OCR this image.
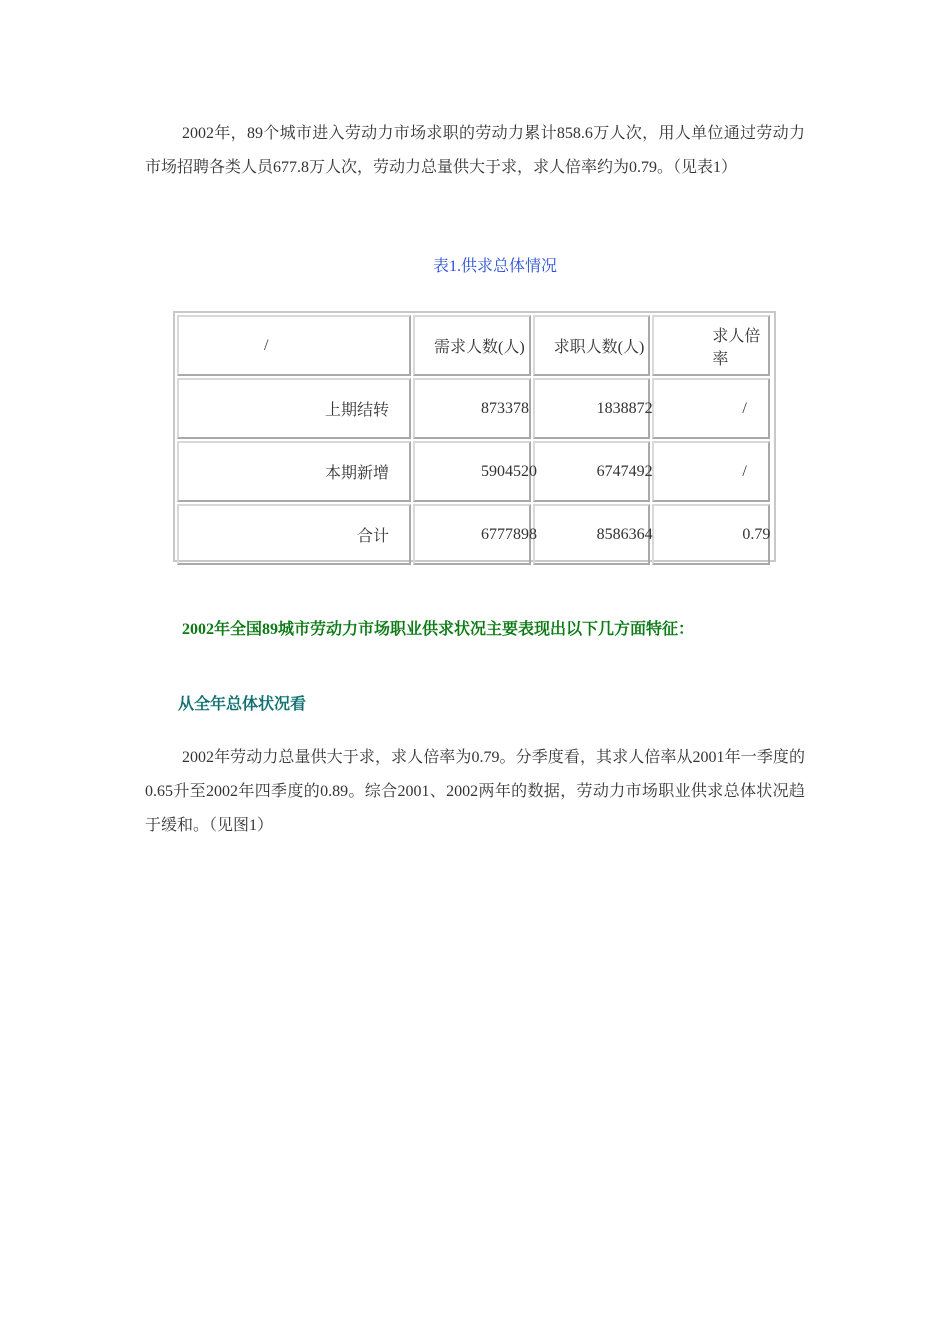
2002年，89个城市进入劳动力市场求职的劳动力累计858.6万人次，用人单位通过劳动力市场招聘各类人员677.8万人次，劳动力总量供大于求，求人倍率约为0.79。（见表1）

表1.供求总体情况
/	需求人数(人)	求职人数(人)	求人倍率
上期结转	873378	1838872	/
本期新增	5904520	6747492	/
合计	6777898	8586364	0.79

2002年全国89城市劳动力市场职业供求状况主要表现出以下几方面特征：

从全年总体状况看

2002年劳动力总量供大于求，求人倍率为0.79。分季度看，其求人倍率从2001年一季度的0.65升至2002年四季度的0.89。综合2001、2002两年的数据，劳动力市场职业供求总体状况趋于缓和。（见图1）
